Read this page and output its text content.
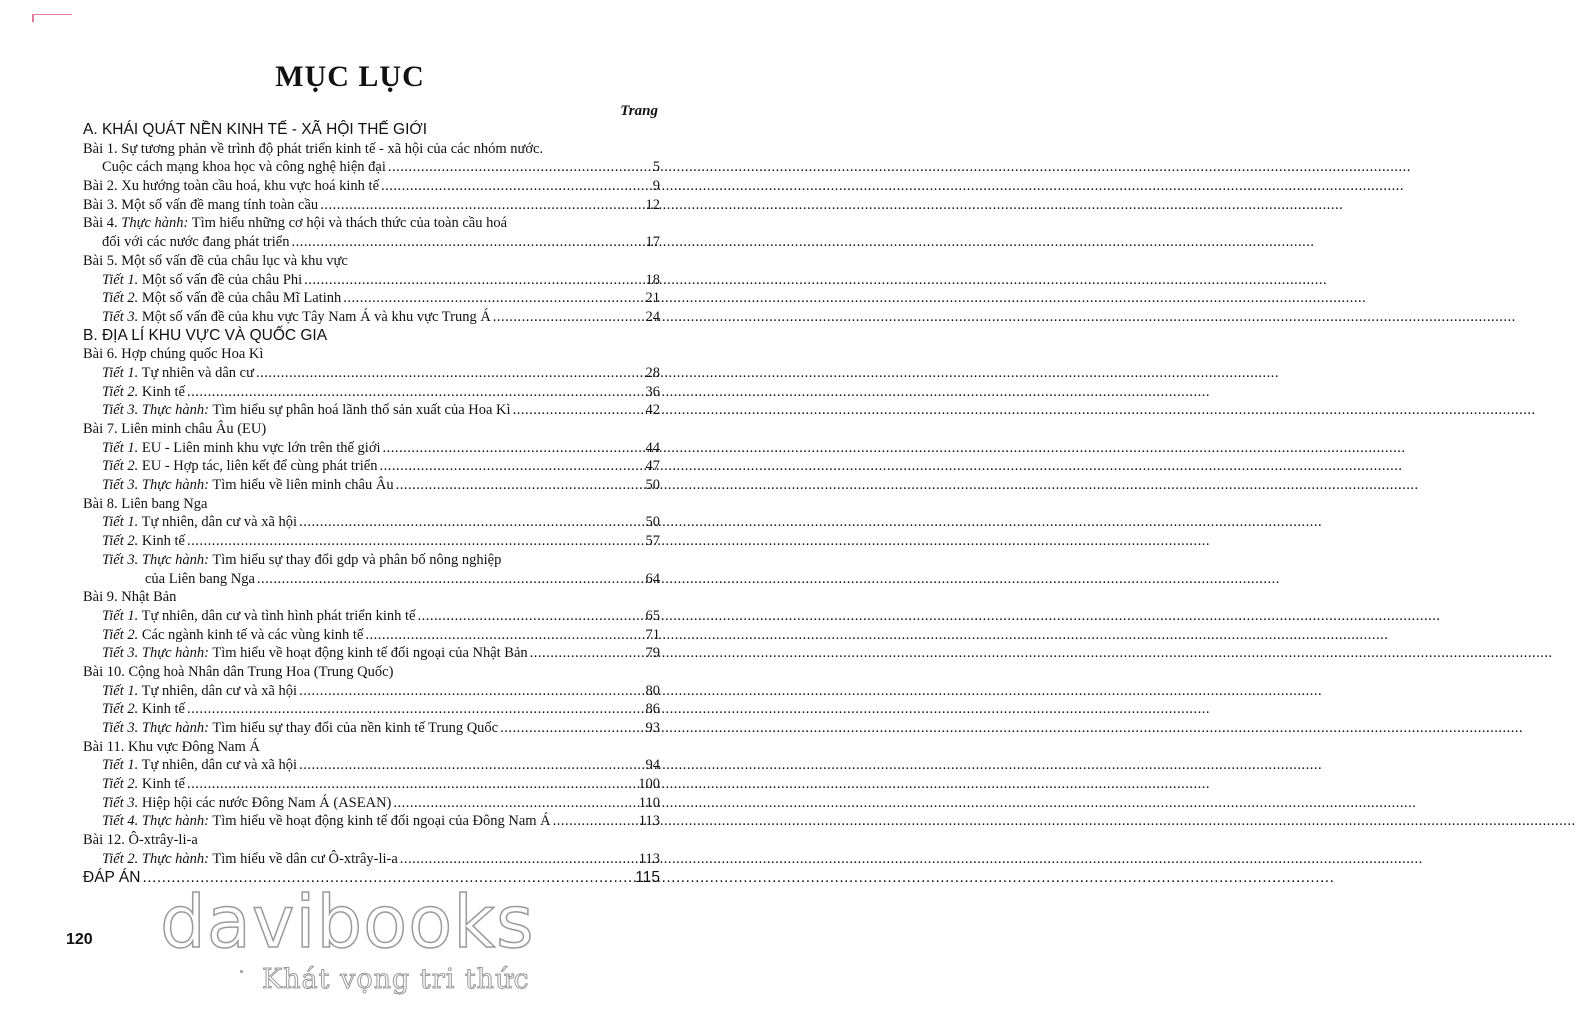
MỤC LỤC
Trang
A. KHÁI QUÁT NỀN KINH TẾ - XÃ HỘI THẾ GIỚI
Bài 1. Sự tương phản về trình độ phát triển kinh tế - xã hội của các nhóm nước.
Cuộc cách mạng khoa học và công nghệ hiện đại .....	5
Bài 2. Xu hướng toàn cầu hoá, khu vực hoá kinh tế .....	9
Bài 3. Một số vấn đề mang tính toàn cầu .....	12
Bài 4. Thực hành: Tìm hiểu những cơ hội và thách thức của toàn cầu hoá
đối với các nước đang phát triển .....	17
Bài 5. Một số vấn đề của châu lục và khu vực
Tiết 1. Một số vấn đề của châu Phi .....	18
Tiết 2. Một số vấn đề của châu Mĩ Latinh .....	21
Tiết 3. Một số vấn đề của khu vực Tây Nam Á và khu vực Trung Á .....	24
B. ĐỊA LÍ KHU VỰC VÀ QUỐC GIA
Bài 6. Hợp chúng quốc Hoa Kì
Tiết 1. Tự nhiên và dân cư .....	28
Tiết 2. Kinh tế .....	36
Tiết 3. Thực hành: Tìm hiểu sự phân hoá lãnh thổ sản xuất của Hoa Kì .....	42
Bài 7. Liên minh châu Âu (EU)
Tiết 1. EU - Liên minh khu vực lớn trên thế giới .....	44
Tiết 2. EU - Hợp tác, liên kết để cùng phát triển .....	47
Tiết 3. Thực hành: Tìm hiểu về liên minh châu Âu .....	50
Bài 8. Liên bang Nga
Tiết 1. Tự nhiên, dân cư và xã hội .....	50
Tiết 2. Kinh tế .....	57
Tiết 3. Thực hành: Tìm hiểu sự thay đổi gdp và phân bố nông nghiệp
của Liên bang Nga .....	64
Bài 9. Nhật Bản
Tiết 1. Tự nhiên, dân cư và tình hình phát triển kinh tế .....	65
Tiết 2. Các ngành kinh tế và các vùng kinh tế .....	71
Tiết 3. Thực hành: Tìm hiểu về hoạt động kinh tế đối ngoại của Nhật Bản .....	79
Bài 10. Cộng hoà Nhân dân Trung Hoa (Trung Quốc)
Tiết 1. Tự nhiên, dân cư và xã hội .....	80
Tiết 2. Kinh tế .....	86
Tiết 3. Thực hành: Tìm hiểu sự thay đổi của nền kinh tế Trung Quốc .....	93
Bài 11. Khu vực Đông Nam Á
Tiết 1. Tự nhiên, dân cư và xã hội .....	94
Tiết 2. Kinh tế .....	100
Tiết 3. Hiệp hội các nước Đông Nam Á (ASEAN) .....	110
Tiết 4. Thực hành: Tìm hiểu về hoạt động kinh tế đối ngoại của Đông Nam Á .....	113
Bài 12. Ô-xtrây-li-a
Tiết 2. Thực hành: Tìm hiểu về dân cư Ô-xtrây-li-a .....	113
ĐÁP ÁN .....	115
120 davibooks
Khát vọng tri thức
